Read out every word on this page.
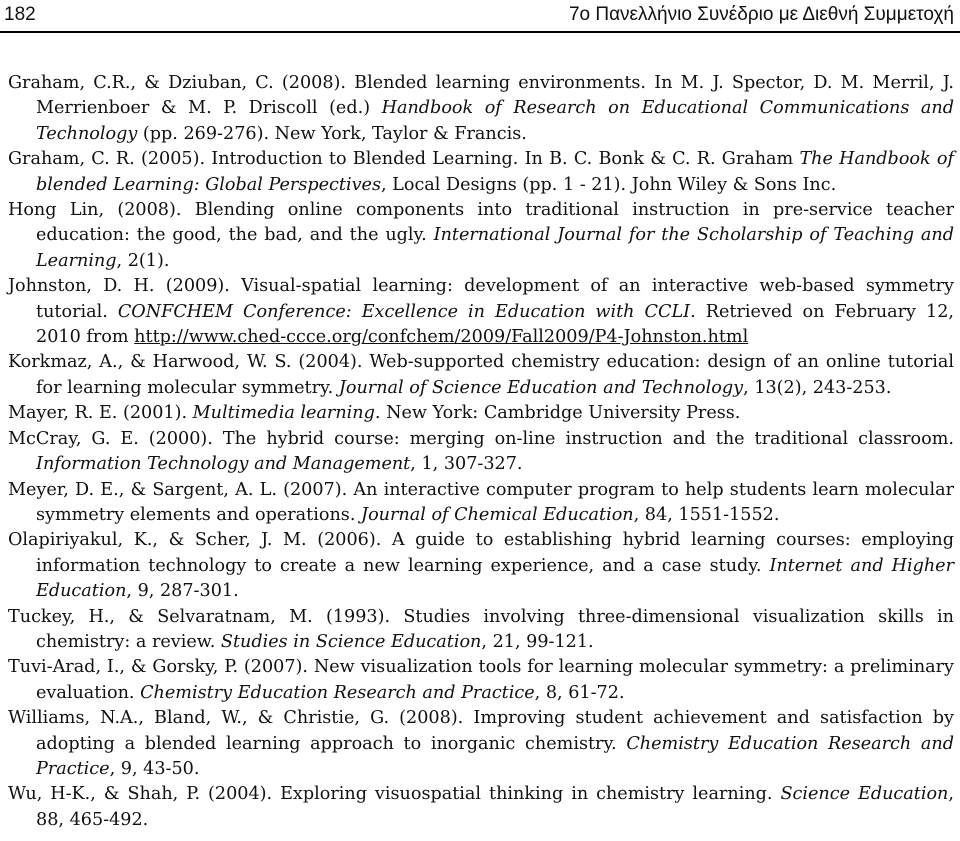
182	7ο Πανελλήνιο Συνέδριο με Διεθνή Συμμετοχή

Graham, C.R., & Dziuban, C. (2008). Blended learning environments. In M. J. Spector, D. M. Merril, J. Merrienboer & M. P. Driscoll (ed.) Handbook of Research on Educational Communications and Technology (pp. 269-276). New York, Taylor & Francis.

Graham, C. R. (2005). Introduction to Blended Learning. In B. C. Bonk & C. R. Graham The Handbook of blended Learning: Global Perspectives, Local Designs (pp. 1 - 21). John Wiley & Sons Inc.

Hong Lin, (2008). Blending online components into traditional instruction in pre-service teacher education: the good, the bad, and the ugly. International Journal for the Scholarship of Teaching and Learning, 2(1).

Johnston, D. H. (2009). Visual-spatial learning: development of an interactive web-based symmetry tutorial. CONFCHEM Conference: Excellence in Education with CCLI. Retrieved on February 12, 2010 from http://www.ched-ccce.org/confchem/2009/Fall2009/P4-Johnston.html

Korkmaz, A., & Harwood, W. S. (2004). Web-supported chemistry education: design of an online tutorial for learning molecular symmetry. Journal of Science Education and Technology, 13(2), 243-253.

Mayer, R. E. (2001). Multimedia learning. New York: Cambridge University Press.

McCray, G. E. (2000). The hybrid course: merging on-line instruction and the traditional classroom. Information Technology and Management, 1, 307-327.

Meyer, D. E., & Sargent, A. L. (2007). An interactive computer program to help students learn molecular symmetry elements and operations. Journal of Chemical Education, 84, 1551-1552.

Olapiriyakul, K., & Scher, J. M. (2006). A guide to establishing hybrid learning courses: employing information technology to create a new learning experience, and a case study. Internet and Higher Education, 9, 287-301.

Tuckey, H., & Selvaratnam, M. (1993). Studies involving three-dimensional visualization skills in chemistry: a review. Studies in Science Education, 21, 99-121.

Tuvi-Arad, I., & Gorsky, P. (2007). New visualization tools for learning molecular symmetry: a preliminary evaluation. Chemistry Education Research and Practice, 8, 61-72.

Williams, N.A., Bland, W., & Christie, G. (2008). Improving student achievement and satisfaction by adopting a blended learning approach to inorganic chemistry. Chemistry Education Research and Practice, 9, 43-50.

Wu, H-K., & Shah, P. (2004). Exploring visuospatial thinking in chemistry learning. Science Education, 88, 465-492.
